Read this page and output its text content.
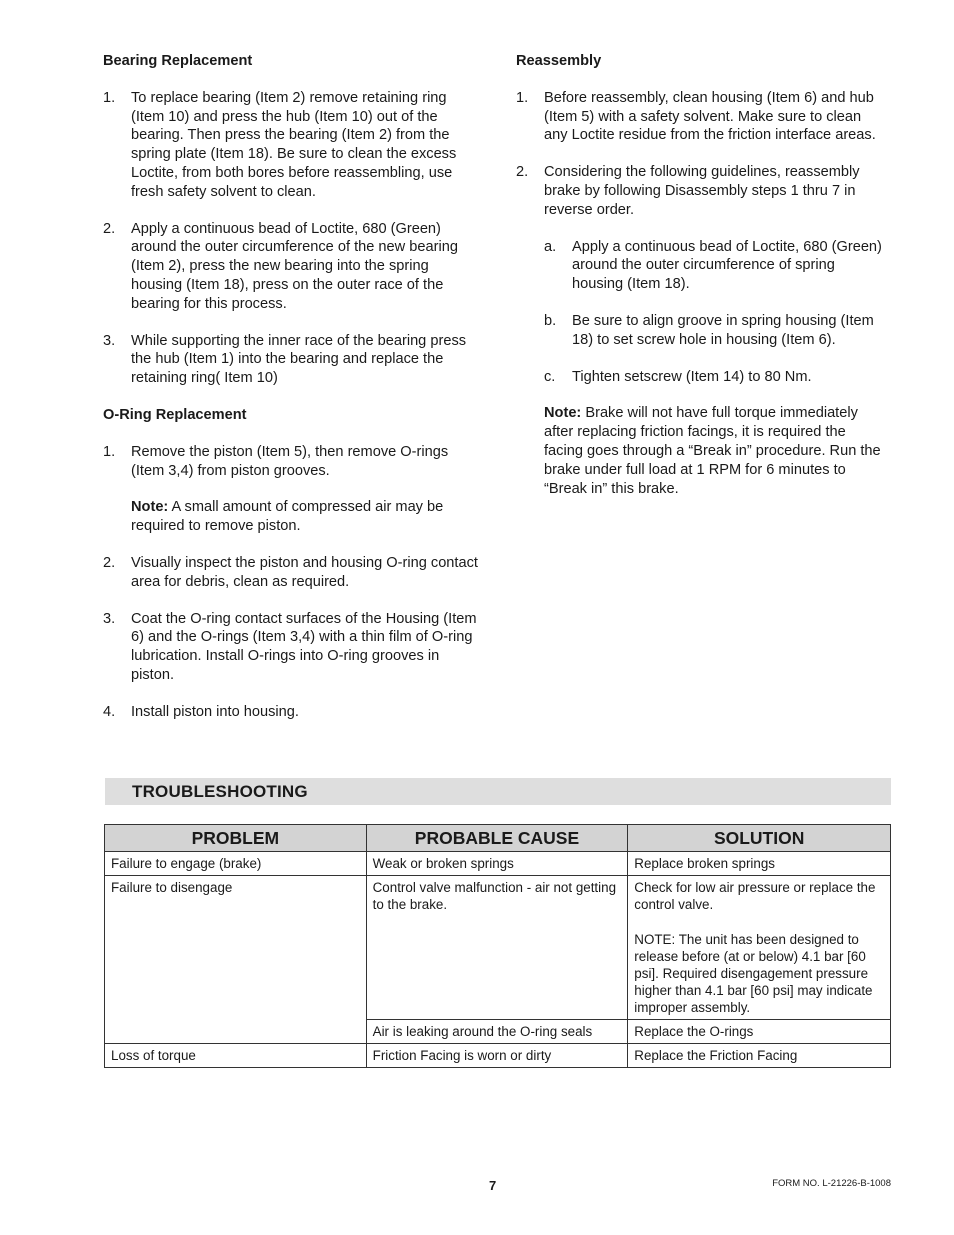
Bearing Replacement
1.	To replace bearing (Item 2) remove retaining ring (Item 10) and press the hub (Item 10) out of the bearing. Then press the bearing (Item 2) from the spring plate (Item 18). Be sure to clean the excess Loctite, from both bores before reassembling, use fresh safety solvent to clean.
2.	Apply a continuous bead of Loctite, 680 (Green) around the outer circumference of the new bearing (Item 2), press the new bearing into the spring housing (Item 18), press on the outer race of the bearing for this process.
3.	While supporting the inner race of the bearing press the hub (Item 1) into the bearing and replace the retaining ring( Item 10)
O-Ring Replacement
1.	Remove the piston (Item 5), then remove O-rings (Item 3,4) from piston grooves.
Note: A small amount of compressed air may be required to remove piston.
2.	Visually inspect the piston and housing O-ring contact area for debris, clean as required.
3.	Coat the O-ring contact surfaces of the Housing (Item 6) and the O-rings (Item 3,4) with a thin film of O-ring lubrication. Install O-rings into O-ring grooves in piston.
4.	Install piston into housing.
Reassembly
1.	Before reassembly, clean housing (Item 6) and hub (Item 5) with a safety solvent. Make sure to clean any Loctite residue from the friction interface areas.
2.	Considering the following guidelines, reassembly brake by following Disassembly steps 1 thru 7 in reverse order.
a.	Apply a continuous bead of Loctite, 680 (Green) around the outer circumference of spring housing (Item 18).
b.	Be sure to align groove in spring housing (Item 18) to set screw hole in housing (Item 6).
c.	Tighten setscrew (Item 14) to 80 Nm.
Note: Brake will not have full torque immediately after replacing friction facings, it is required the facing goes through a “Break in” procedure. Run the brake under full load at 1 RPM for 6 minutes to “Break in” this brake.
TROUBLESHOOTING
PROBLEM	PROBABLE CAUSE	SOLUTION
Failure to engage (brake)	Weak or broken springs	Replace broken springs
Failure to disengage	Control valve malfunction - air not getting to the brake.	Check for low air pressure or replace the control valve.
NOTE: The unit has been designed to release before (at or below) 4.1 bar [60 psi]. Required disengagement pressure higher than 4.1 bar [60 psi] may indicate improper assembly.

	Air is leaking around the O-ring seals	Replace the O-rings
Loss of torque	Friction Facing is worn or dirty	Replace the Friction Facing
7	FORM NO. L-21226-B-1008
